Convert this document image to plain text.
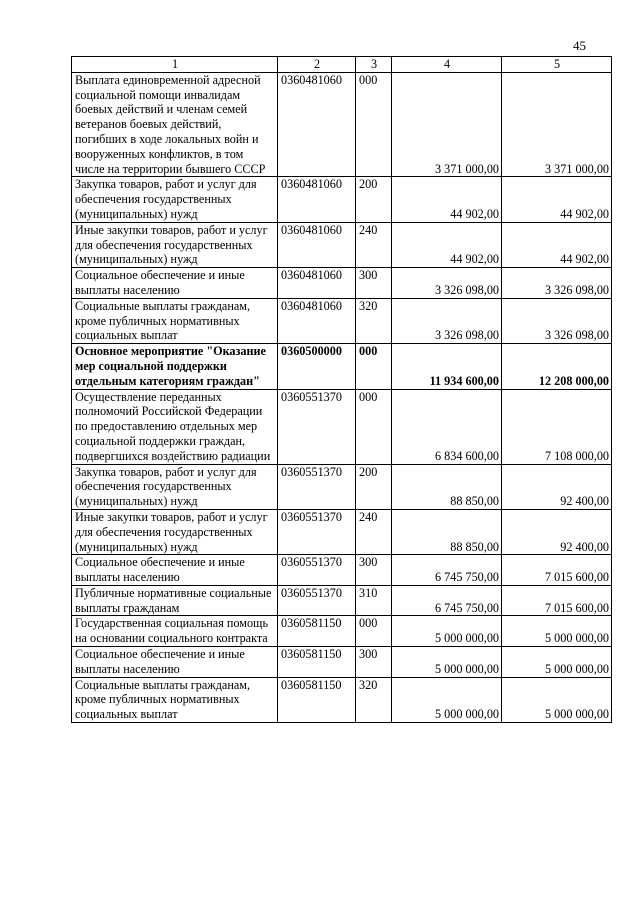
45
1	2	3	4	5
Выплата единовременной адресной социальной помощи инвалидам боевых действий и членам семей ветеранов боевых действий, погибших в ходе локальных войн и вооруженных конфликтов, в том числе на территории бывшего СССР	0360481060	000	3 371 000,00	3 371 000,00
Закупка товаров, работ и услуг для обеспечения государственных (муниципальных) нужд	0360481060	200	44 902,00	44 902,00
Иные закупки товаров, работ и услуг для обеспечения государственных (муниципальных) нужд	0360481060	240	44 902,00	44 902,00
Социальное обеспечение и иные выплаты населению	0360481060	300	3 326 098,00	3 326 098,00
Социальные выплаты гражданам, кроме публичных нормативных социальных выплат	0360481060	320	3 326 098,00	3 326 098,00
Основное мероприятие "Оказание мер социальной поддержки отдельным категориям граждан"	0360500000	000	11 934 600,00	12 208 000,00
Осуществление переданных полномочий Российской Федерации по предоставлению отдельных мер социальной поддержки граждан, подвергшихся воздействию радиации	0360551370	000	6 834 600,00	7 108 000,00
Закупка товаров, работ и услуг для обеспечения государственных (муниципальных) нужд	0360551370	200	88 850,00	92 400,00
Иные закупки товаров, работ и услуг для обеспечения государственных (муниципальных) нужд	0360551370	240	88 850,00	92 400,00
Социальное обеспечение и иные выплаты населению	0360551370	300	6 745 750,00	7 015 600,00
Публичные нормативные социальные выплаты гражданам	0360551370	310	6 745 750,00	7 015 600,00
Государственная социальная помощь на основании социального контракта	0360581150	000	5 000 000,00	5 000 000,00
Социальное обеспечение и иные выплаты населению	0360581150	300	5 000 000,00	5 000 000,00
Социальные выплаты гражданам, кроме публичных нормативных социальных выплат	0360581150	320	5 000 000,00	5 000 000,00
